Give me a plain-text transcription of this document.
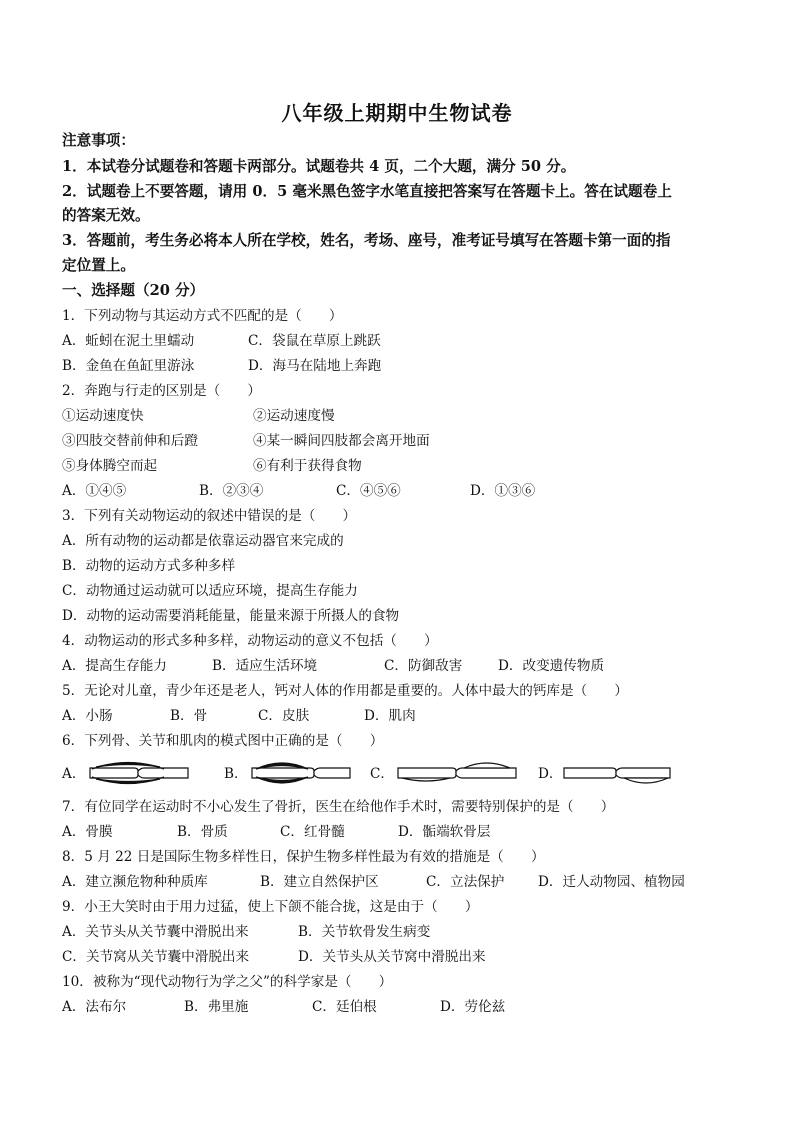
八年级上期期中生物试卷
注意事项：
1．本试卷分试题卷和答题卡两部分。试题卷共 4 页，二个大题，满分 50 分。
2．试题卷上不要答题，请用 0．5 毫米黑色签字水笔直接把答案写在答题卡上。答在试题卷上
的答案无效。
3．答题前，考生务必将本人所在学校，姓名，考场、座号，准考证号填写在答题卡第一面的指
定位置上。
一、选择题（20 分）
1．下列动物与其运动方式不匹配的是（　　）
A．蚯蚓在泥土里蠕动	C．袋鼠在草原上跳跃
B．金鱼在鱼缸里游泳	D．海马在陆地上奔跑
2．奔跑与行走的区别是（　　）
①运动速度快	②运动速度慢
③四肢交替前伸和后蹬	④某一瞬间四肢都会离开地面
⑤身体腾空而起	⑥有利于获得食物
A．①④⑤	B．②③④	C．④⑤⑥	D．①③⑥
3．下列有关动物运动的叙述中错误的是（　　）
A．所有动物的运动都是依靠运动器官来完成的
B．动物的运动方式多种多样
C．动物通过运动就可以适应环境，提高生存能力
D．动物的运动需要消耗能量，能量来源于所摄人的食物
4．动物运动的形式多种多样，动物运动的意义不包括（　　）
A．提高生存能力	B．适应生活环境	C．防御敌害	D．改变遗传物质
5．无论对儿童，青少年还是老人，钙对人体的作用都是重要的。人体中最大的钙库是（　　）
A．小肠	B．骨	C．皮肤	D．肌肉
6．下列骨、关节和肌肉的模式图中正确的是（　　）
A．	B．	C．	D．
7．有位同学在运动时不小心发生了骨折，医生在给他作手术时，需要特别保护的是（　　）
A．骨膜	B．骨质	C．红骨髓	D．骺端软骨层
8．5 月 22 日是国际生物多样性日，保护生物多样性最为有效的措施是（　　）
A．建立濒危物种种质库	B．建立自然保护区	C．立法保护 D．迁人动物园、植物园
9．小王大笑时由于用力过猛，使上下颌不能合拢，这是由于（　　）
A．关节头从关节囊中滑脱出来	B．关节软骨发生病变
C．关节窝从关节囊中滑脱出来	D．关节头从关节窝中滑脱出来
10．被称为“现代动物行为学之父”的科学家是（　　）
A．法布尔	B．弗里施	C．廷伯根	D．劳伦兹
